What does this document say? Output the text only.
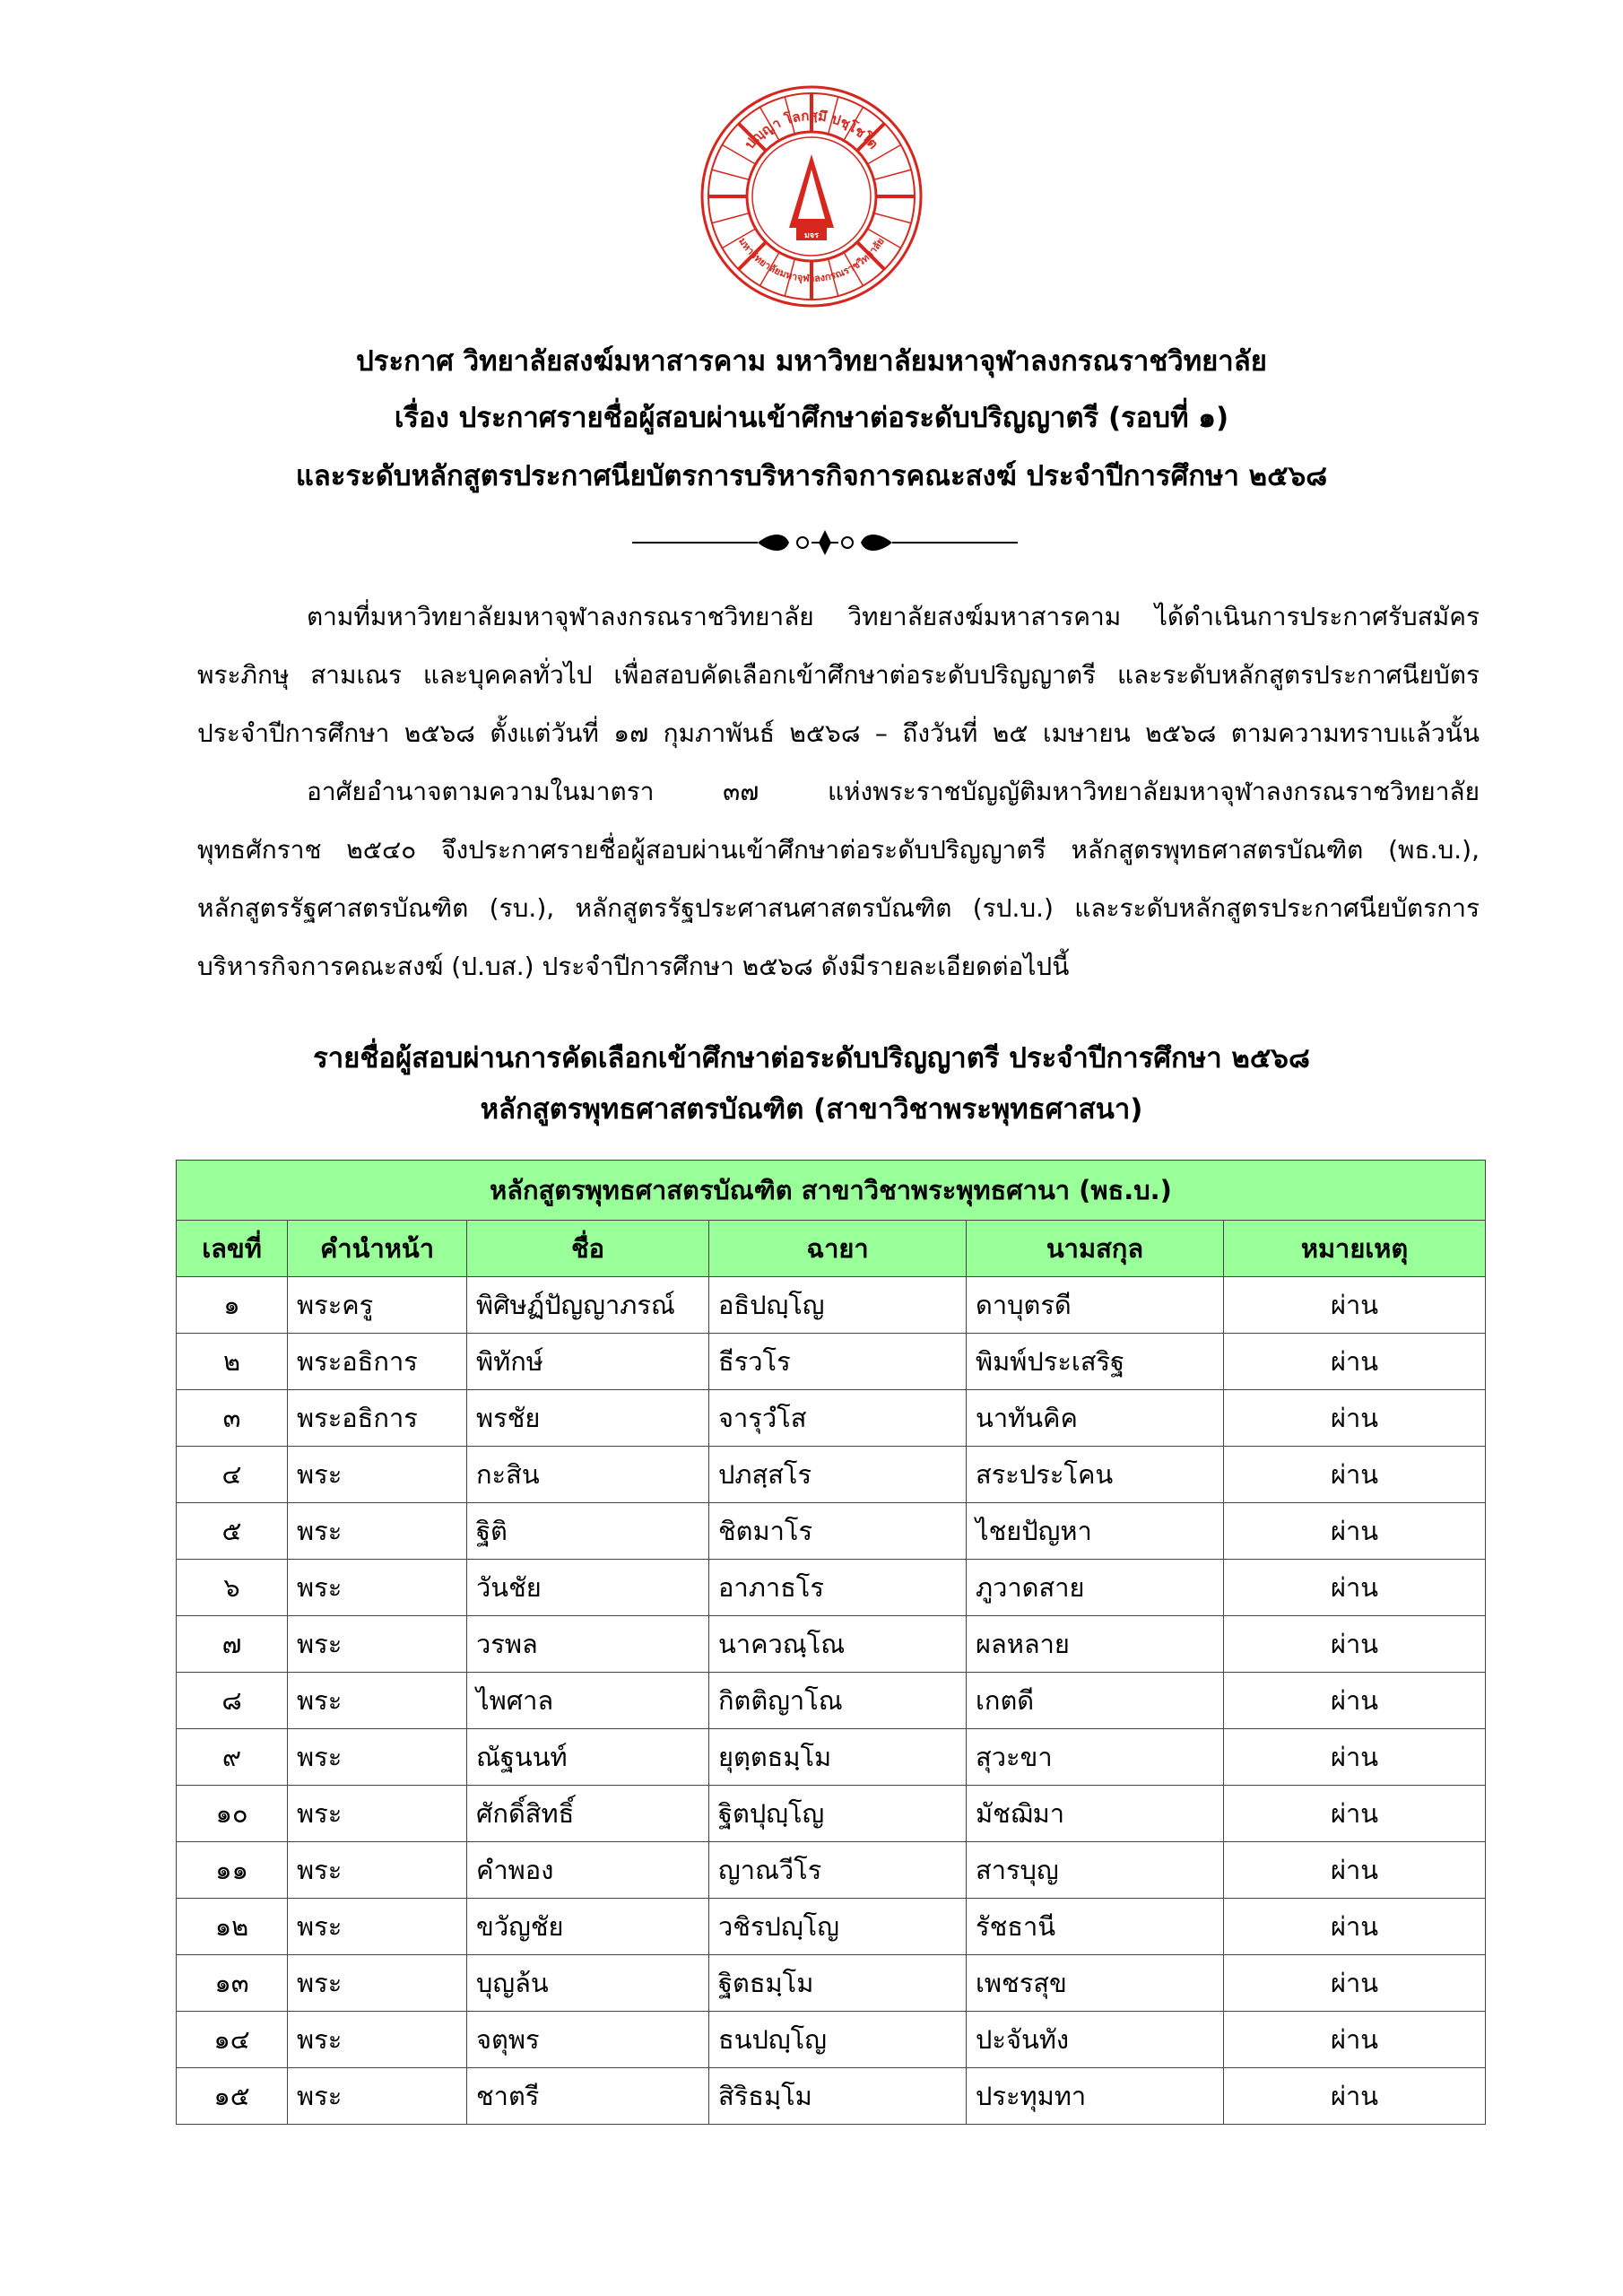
ปญฺญา โลกสฺมึ ปชฺโชโต
มหาวิทยาลัยมหาจุฬาลงกรณราชวิทยาลัย
มจร
ประกาศ วิทยาลัยสงฆ์มหาสารคาม มหาวิทยาลัยมหาจุฬาลงกรณราชวิทยาลัย
เรื่อง ประกาศรายชื่อผู้สอบผ่านเข้าศึกษาต่อระดับปริญญาตรี (รอบที่ ๑)
และระดับหลักสูตรประกาศนียบัตรการบริหารกิจการคณะสงฆ์ ประจำปีการศึกษา ๒๕๖๘

ตามที่มหาวิทยาลัยมหาจุฬาลงกรณราชวิทยาลัย วิทยาลัยสงฆ์มหาสารคาม ได้ดำเนินการประกาศรับสมัคร

พระภิกษุ สามเณร และบุคคลทั่วไป เพื่อสอบคัดเลือกเข้าศึกษาต่อระดับปริญญาตรี และระดับหลักสูตรประกาศนียบัตร

ประจำปีการศึกษา ๒๕๖๘ ตั้งแต่วันที่ ๑๗ กุมภาพันธ์ ๒๕๖๘ – ถึงวันที่ ๒๕ เมษายน ๒๕๖๘ ตามความทราบแล้วนั้น

อาศัยอำนาจตามความในมาตรา ๓๗ แห่งพระราชบัญญัติมหาวิทยาลัยมหาจุฬาลงกรณราชวิทยาลัย

พุทธศักราช ๒๕๔๐ จึงประกาศรายชื่อผู้สอบผ่านเข้าศึกษาต่อระดับปริญญาตรี หลักสูตรพุทธศาสตรบัณฑิต (พธ.บ.),

หลักสูตรรัฐศาสตรบัณฑิต (รบ.), หลักสูตรรัฐประศาสนศาสตรบัณฑิต (รป.บ.) และระดับหลักสูตรประกาศนียบัตรการ

บริหารกิจการคณะสงฆ์ (ป.บส.) ประจำปีการศึกษา ๒๕๖๘ ดังมีรายละเอียดต่อไปนี้

รายชื่อผู้สอบผ่านการคัดเลือกเข้าศึกษาต่อระดับปริญญาตรี ประจำปีการศึกษา ๒๕๖๘
หลักสูตรพุทธศาสตรบัณฑิต (สาขาวิชาพระพุทธศาสนา)
หลักสูตรพุทธศาสตรบัณฑิต สาขาวิชาพระพุทธศานา (พธ.บ.)					
เลขที่	คำนำหน้า	ชื่อ	ฉายา	นามสกุล	หมายเหตุ
๑	พระครู	พิศิษฏ์ปัญญาภรณ์	อธิปญฺโญ	ดาบุตรดี	ผ่าน
๒	พระอธิการ	พิทักษ์	ธีรวโร	พิมพ์ประเสริฐ	ผ่าน
๓	พระอธิการ	พรชัย	จารุวํโส	นาทันคิค	ผ่าน
๔	พระ	กะสิน	ปภสฺสโร	สระประโคน	ผ่าน
๕	พระ	ฐิติ	ชิตมาโร	ไชยปัญหา	ผ่าน
๖	พระ	วันชัย	อาภาธโร	ภูวาดสาย	ผ่าน
๗	พระ	วรพล	นาควณฺโณ	ผลหลาย	ผ่าน
๘	พระ	ไพศาล	กิตติญาโณ	เกตดี	ผ่าน
๙	พระ	ณัฐนนท์	ยุตฺตธมฺโม	สุวะขา	ผ่าน
๑๐	พระ	ศักดิ์สิทธิ์	ฐิตปุญฺโญ	มัชฌิมา	ผ่าน
๑๑	พระ	คำพอง	ญาณวีโร	สารบุญ	ผ่าน
๑๒	พระ	ขวัญชัย	วชิรปญฺโญ	รัชธานี	ผ่าน
๑๓	พระ	บุญล้น	ฐิตธมฺโม	เพชรสุข	ผ่าน
๑๔	พระ	จตุพร	ธนปญฺโญ	ปะจันทัง	ผ่าน
๑๕	พระ	ชาตรี	สิริธมฺโม	ประทุมทา	ผ่าน
